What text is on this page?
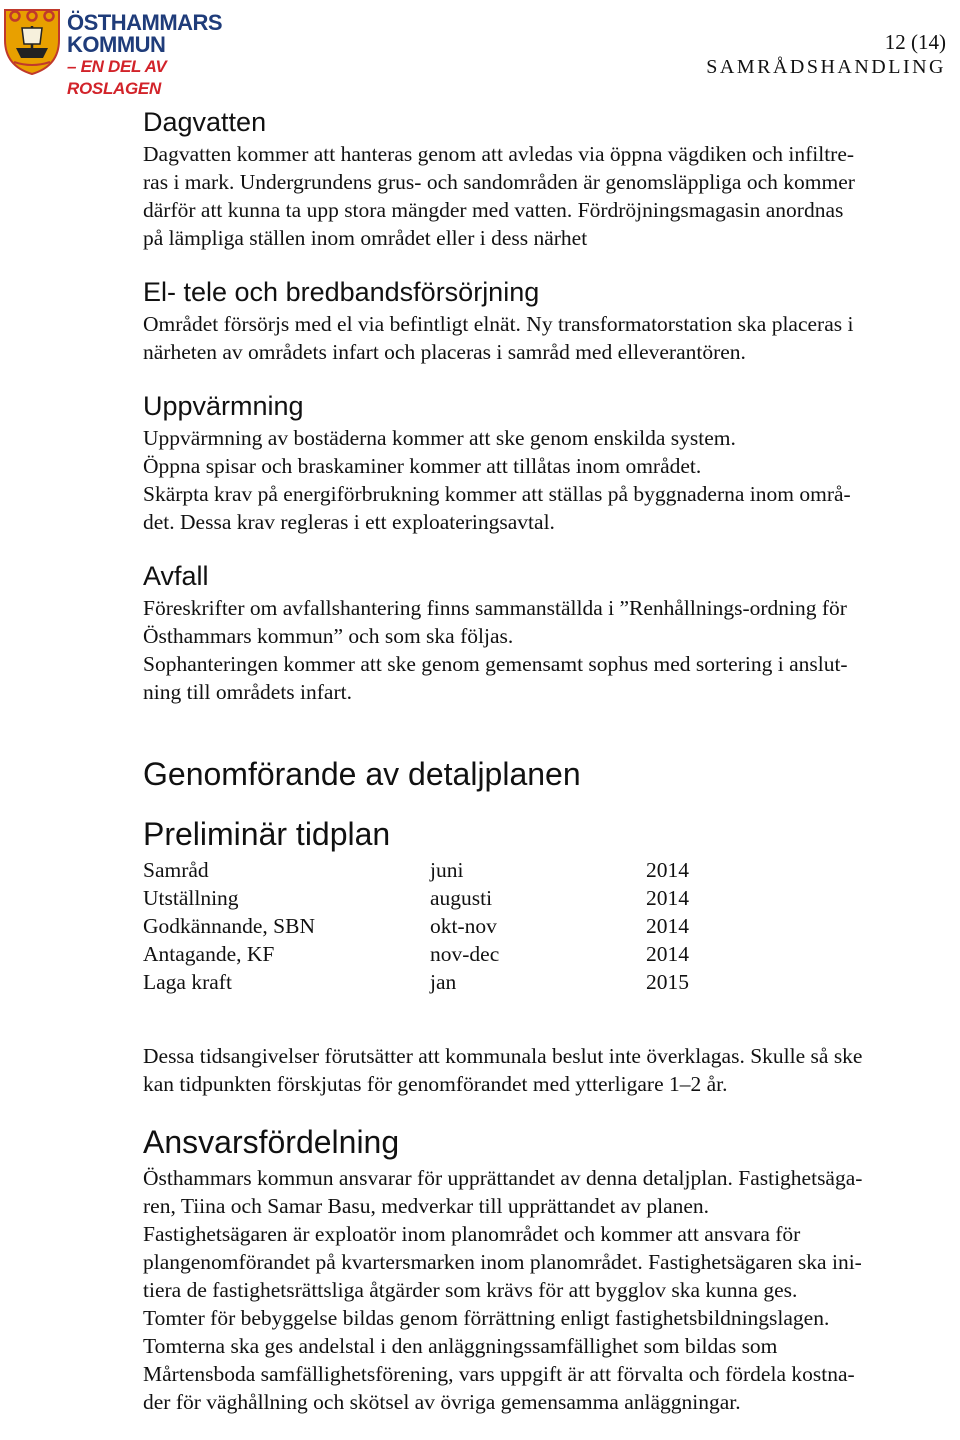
ÖSTHAMMARS
KOMMUN
– EN DEL AV ROSLAGEN
12 (14)
SAMRÅDSHANDLING
Dagvatten

Dagvatten kommer att hanteras genom att avledas via öppna vägdiken och infiltre-

ras i mark. Undergrundens grus- och sandområden är genomsläppliga och kommer

därför att kunna ta upp stora mängder med vatten. Fördröjningsmagasin anordnas

på lämpliga ställen inom området eller i dess närhet

El- tele och bredbandsförsörjning

Området försörjs med el via befintligt elnät. Ny transformatorstation ska placeras i

närheten av områdets infart och placeras i samråd med elleverantören.

Uppvärmning

Uppvärmning av bostäderna kommer att ske genom enskilda system.

Öppna spisar och braskaminer kommer att tillåtas inom området.

Skärpta krav på energiförbrukning kommer att ställas på byggnaderna inom områ-

det. Dessa krav regleras i ett exploateringsavtal.

Avfall

Föreskrifter om avfallshantering finns sammanställda i ”Renhållnings-ordning för

Östhammars kommun” och som ska följas.

Sophanteringen kommer att ske genom gemensamt sophus med sortering i anslut-

ning till områdets infart.

Genomförande av detaljplanen
Preliminär tidplan
Samråd	juni	2014
Utställning	augusti	2014
Godkännande, SBN	okt-nov	2014
Antagande, KF	nov-dec	2014
Laga kraft	jan	2015

Dessa tidsangivelser förutsätter att kommunala beslut inte överklagas. Skulle så ske

kan tidpunkten förskjutas för genomförandet med ytterligare 1–2 år.

Ansvarsfördelning

Östhammars kommun ansvarar för upprättandet av denna detaljplan. Fastighetsäga-

ren, Tiina och Samar Basu, medverkar till upprättandet av planen.

Fastighetsägaren är exploatör inom planområdet och kommer att ansvara för

plangenomförandet på kvartersmarken inom planområdet. Fastighetsägaren ska ini-

tiera de fastighetsrättsliga åtgärder som krävs för att bygglov ska kunna ges.

Tomter för bebyggelse bildas genom förrättning enligt fastighetsbildningslagen.

Tomterna ska ges andelstal i den anläggningssamfällighet som bildas som

Mårtensboda samfällighetsförening, vars uppgift är att förvalta och fördela kostna-

der för väghållning och skötsel av övriga gemensamma anläggningar.
